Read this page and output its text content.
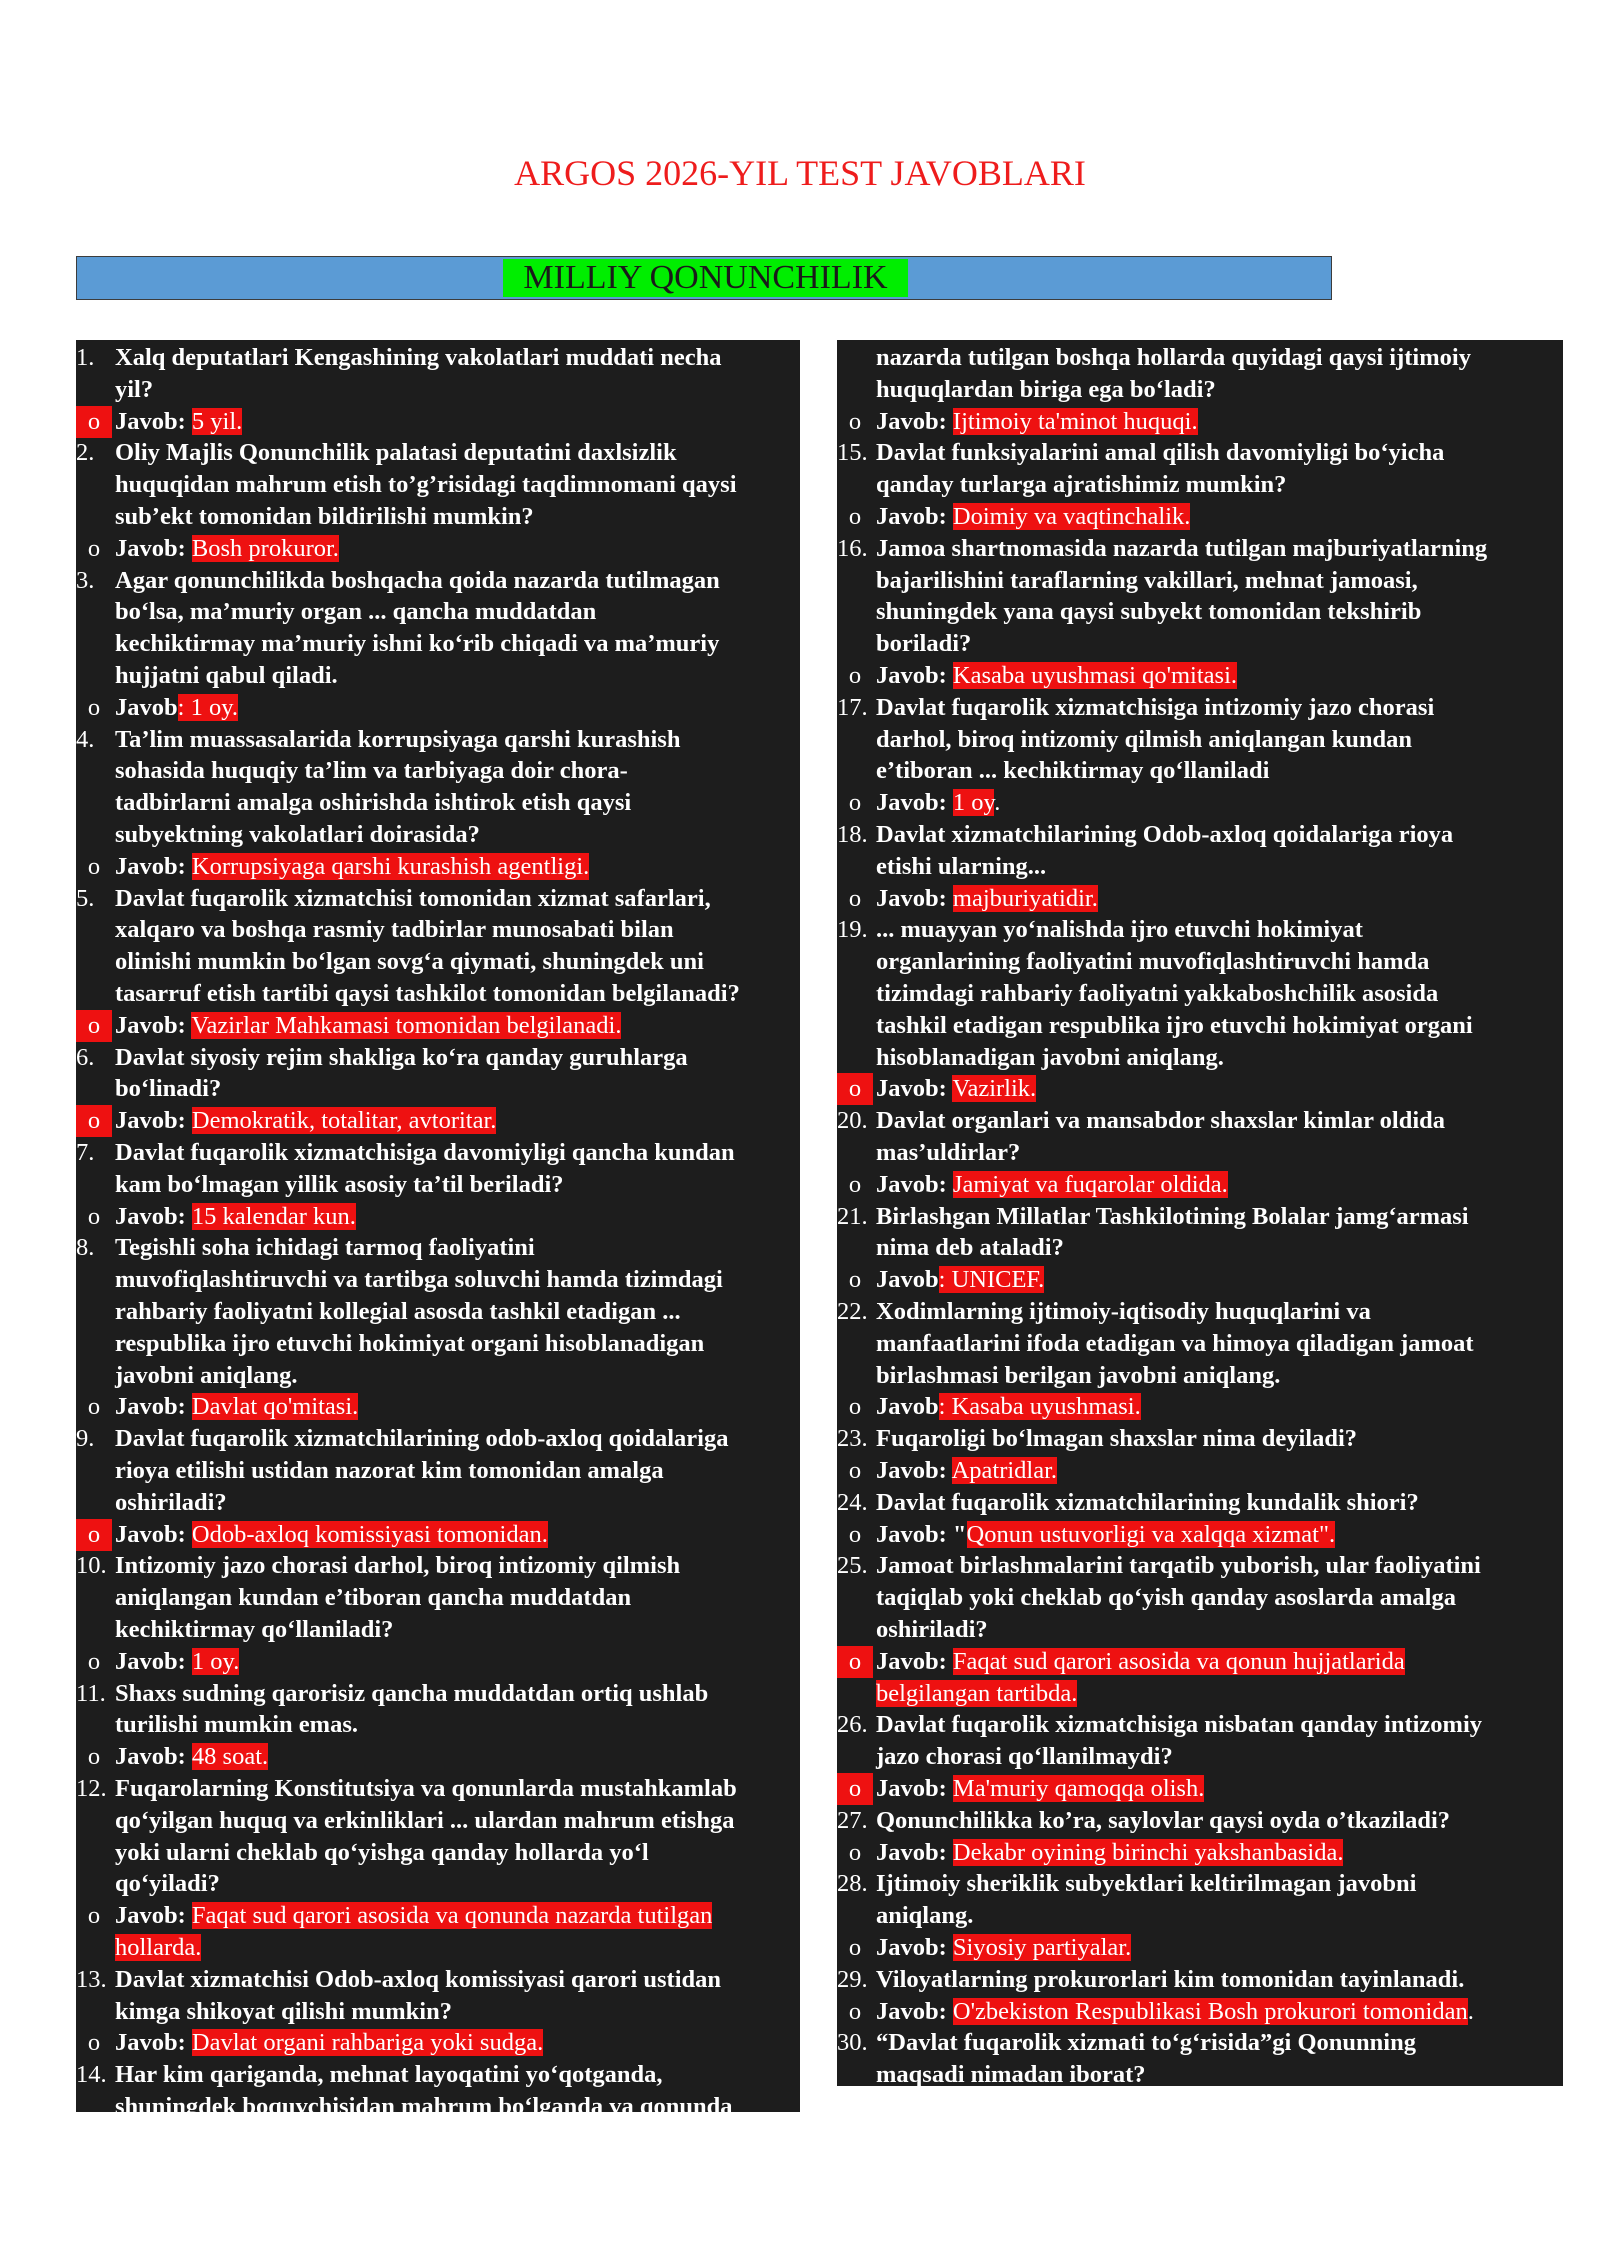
ARGOS 2026-YIL TEST JAVOBLARI
MILLIY QONUNCHILIK
1. Xalq deputatlari Kengashining vakolatlari muddati necha
yil?
o Javob: 5 yil.
2. Oliy Majlis Qonunchilik palatasi deputatini daxlsizlik
huquqidan mahrum etish to’g’risidagi taqdimnomani qaysi
sub’ekt tomonidan bildirilishi mumkin?
o Javob: Bosh prokuror.
3. Agar qonunchilikda boshqacha qoida nazarda tutilmagan
bo‘lsa, ma’muriy organ ... qancha muddatdan
kechiktirmay ma’muriy ishni ko‘rib chiqadi va ma’muriy
hujjatni qabul qiladi.
o Javob: 1 oy.
4. Ta’lim muassasalarida korrupsiyaga qarshi kurashish
sohasida huquqiy ta’lim va tarbiyaga doir chora-
tadbirlarni amalga oshirishda ishtirok etish qaysi
subyektning vakolatlari doirasida?
o Javob: Korrupsiyaga qarshi kurashish agentligi.
5. Davlat fuqarolik xizmatchisi tomonidan xizmat safarlari,
xalqaro va boshqa rasmiy tadbirlar munosabati bilan
olinishi mumkin bo‘lgan sovg‘a qiymati, shuningdek uni
tasarruf etish tartibi qaysi tashkilot tomonidan belgilanadi?
o Javob: Vazirlar Mahkamasi tomonidan belgilanadi.
6. Davlat siyosiy rejim shakliga ko‘ra qanday guruhlarga
bo‘linadi?
o Javob: Demokratik, totalitar, avtoritar.
7. Davlat fuqarolik xizmatchisiga davomiyligi qancha kundan
kam bo‘lmagan yillik asosiy ta’til beriladi?
o Javob: 15 kalendar kun.
8. Tegishli soha ichidagi tarmoq faoliyatini
muvofiqlashtiruvchi va tartibga soluvchi hamda tizimdagi
rahbariy faoliyatni kollegial asosda tashkil etadigan ...
respublika ijro etuvchi hokimiyat organi hisoblanadigan
javobni aniqlang.
o Javob: Davlat qo'mitasi.
9. Davlat fuqarolik xizmatchilarining odob-axloq qoidalariga
rioya etilishi ustidan nazorat kim tomonidan amalga
oshiriladi?
o Javob: Odob-axloq komissiyasi tomonidan.
10. Intizomiy jazo chorasi darhol, biroq intizomiy qilmish
aniqlangan kundan e’tiboran qancha muddatdan
kechiktirmay qo‘llaniladi?
o Javob: 1 oy.
11. Shaxs sudning qarorisiz qancha muddatdan ortiq ushlab
turilishi mumkin emas.
o Javob: 48 soat.
12. Fuqarolarning Konstitutsiya va qonunlarda mustahkamlab
qo‘yilgan huquq va erkinliklari ... ulardan mahrum etishga
yoki ularni cheklab qo‘yishga qanday hollarda yo‘l
qo‘yiladi?
o Javob: Faqat sud qarori asosida va qonunda nazarda tutilgan
hollarda.
13. Davlat xizmatchisi Odob-axloq komissiyasi qarori ustidan
kimga shikoyat qilishi mumkin?
o Javob: Davlat organi rahbariga yoki sudga.
14. Har kim qariganda, mehnat layoqatini yo‘qotganda,
shuningdek boquvchisidan mahrum bo‘lganda va qonunda
nazarda tutilgan boshqa hollarda quyidagi qaysi ijtimoiy
huquqlardan biriga ega bo‘ladi?
o Javob: Ijtimoiy ta'minot huquqi.
15. Davlat funksiyalarini amal qilish davomiyligi bo‘yicha
qanday turlarga ajratishimiz mumkin?
o Javob: Doimiy va vaqtinchalik.
16. Jamoa shartnomasida nazarda tutilgan majburiyatlarning
bajarilishini taraflarning vakillari, mehnat jamoasi,
shuningdek yana qaysi subyekt tomonidan tekshirib
boriladi?
o Javob: Kasaba uyushmasi qo'mitasi.
17. Davlat fuqarolik xizmatchisiga intizomiy jazo chorasi
darhol, biroq intizomiy qilmish aniqlangan kundan
e’tiboran ... kechiktirmay qo‘llaniladi
o Javob: 1 oy.
18. Davlat xizmatchilarining Odob-axloq qoidalariga rioya
etishi ularning...
o Javob: majburiyatidir.
19. ... muayyan yo‘nalishda ijro etuvchi hokimiyat
organlarining faoliyatini muvofiqlashtiruvchi hamda
tizimdagi rahbariy faoliyatni yakkaboshchilik asosida
tashkil etadigan respublika ijro etuvchi hokimiyat organi
hisoblanadigan javobni aniqlang.
o Javob: Vazirlik.
20. Davlat organlari va mansabdor shaxslar kimlar oldida
mas’uldirlar?
o Javob: Jamiyat va fuqarolar oldida.
21. Birlashgan Millatlar Tashkilotining Bolalar jamg‘armasi
nima deb ataladi?
o Javob: UNICEF.
22. Xodimlarning ijtimoiy-iqtisodiy huquqlarini va
manfaatlarini ifoda etadigan va himoya qiladigan jamoat
birlashmasi berilgan javobni aniqlang.
o Javob: Kasaba uyushmasi.
23. Fuqaroligi bo‘lmagan shaxslar nima deyiladi?
o Javob: Apatridlar.
24. Davlat fuqarolik xizmatchilarining kundalik shiori?
o Javob: "Qonun ustuvorligi va xalqqa xizmat".
25. Jamoat birlashmalarini tarqatib yuborish, ular faoliyatini
taqiqlab yoki cheklab qo‘yish qanday asoslarda amalga
oshiriladi?
o Javob: Faqat sud qarori asosida va qonun hujjatlarida
belgilangan tartibda.
26. Davlat fuqarolik xizmatchisiga nisbatan qanday intizomiy
jazo chorasi qo‘llanilmaydi?
o Javob: Ma'muriy qamoqqa olish.
27. Qonunchilikka ko’ra, saylovlar qaysi oyda o’tkaziladi?
o Javob: Dekabr oyining birinchi yakshanbasida.
28. Ijtimoiy sheriklik subyektlari keltirilmagan javobni
aniqlang.
o Javob: Siyosiy partiyalar.
29. Viloyatlarning prokurorlari kim tomonidan tayinlanadi.
o Javob: O'zbekiston Respublikasi Bosh prokurori tomonidan.
30. “Davlat fuqarolik xizmati to‘g‘risida”gi Qonunning
maqsadi nimadan iborat?
